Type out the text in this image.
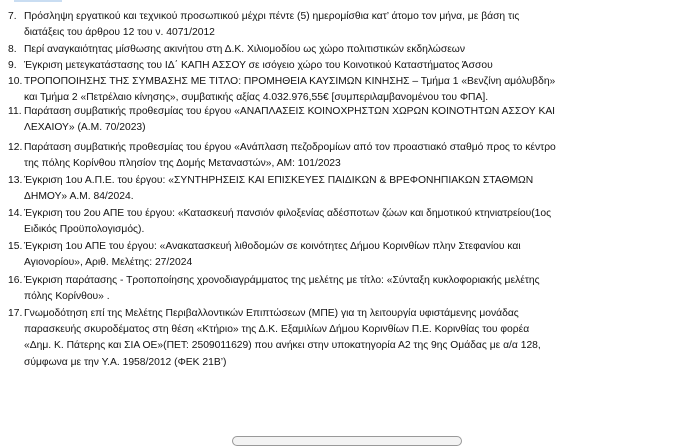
7. Πρόσληψη εργατικού και τεχνικού προσωπικού μέχρι πέντε (5) ημερομίσθια κατ’ άτομο τον μήνα, με βάση τις
διατάξεις του άρθρου 12 του ν. 4071/2012
8. Περί αναγκαιότητας μίσθωσης ακινήτου στη Δ.Κ. Χιλιομοδίου ως χώρο πολιτιστικών εκδηλώσεων
9. Έγκριση μετεγκατάστασης του ΙΔ΄ ΚΑΠΗ ΑΣΣΟΥ σε ισόγειο χώρο του Κοινοτικού Καταστήματος Άσσου
10. ΤΡΟΠΟΠΟΙΗΣΗΣ ΤΗΣ ΣΥΜΒΑΣΗΣ ΜΕ ΤΙΤΛΟ: ΠΡΟΜΗΘΕΙΑ ΚΑΥΣΙΜΩΝ ΚΙΝΗΣΗΣ – Τμήμα 1 «Βενζίνη αμόλυβδη»
και Τμήμα 2 «Πετρέλαιο κίνησης», συμβατικής αξίας 4.032.976,55€ [συμπεριλαμβανομένου του ΦΠΑ].
11. Παράταση συμβατικής προθεσμίας του έργου «ΑΝΑΠΛΑΣΕΙΣ ΚΟΙΝΟΧΡΗΣΤΩΝ ΧΩΡΩΝ ΚΟΙΝΟΤΗΤΩΝ ΑΣΣΟΥ ΚΑΙ
ΛΕΧΑΙΟΥ» (Α.Μ. 70/2023)
12. Παράταση συμβατικής προθεσμίας του έργου «Ανάπλαση πεζοδρομίων από τον προαστιακό σταθμό προς το κέντρο
της πόλης Κορίνθου πλησίον της Δομής Μεταναστών», ΑΜ: 101/2023
13. Έγκριση 1ου Α.Π.Ε. του έργου: «ΣΥΝΤΗΡΗΣΕΙΣ ΚΑΙ ΕΠΙΣΚΕΥΕΣ ΠΑΙΔΙΚΩΝ & ΒΡΕΦΟΝΗΠΙΑΚΩΝ ΣΤΑΘΜΩΝ
ΔΗΜΟΥ» Α.Μ. 84/2024.
14. Έγκριση του 2ου ΑΠΕ του έργου: «Κατασκευή πανσιόν φιλοξενίας αδέσποτων ζώων και δημοτικού κτηνιατρείου(1ος
Ειδικός Προϋπολογισμός).
15. Έγκριση 1ου ΑΠΕ του έργου: «Ανακατασκευή λιθοδομών σε κοινότητες Δήμου Κορινθίων πλην Στεφανίου και
Αγιονορίου», Αριθ. Μελέτης: 27/2024
16. Έγκριση παράτασης - Τροποποίησης χρονοδιαγράμματος της μελέτης με τίτλο: «Σύνταξη κυκλοφοριακής μελέτης
πόλης Κορίνθου» .
17. Γνωμοδότηση επί της Μελέτης Περιβαλλοντικών Επιπτώσεων (ΜΠΕ) για τη λειτουργία υφιστάμενης μονάδας
παρασκευής σκυροδέματος στη θέση «Κτήριο» της Δ.Κ. Εξαμιλίων Δήμου Κορινθίων Π.Ε. Κορινθίας του φορέα
«Δημ. Κ. Πάτερης και ΣΙΑ ΟΕ»(ΠΕΤ: 2509011629) που ανήκει στην υποκατηγορία Α2 της 9ης Ομάδας με α/α 128,
σύμφωνα με την Υ.Α. 1958/2012 (ΦΕΚ 21Β’)
